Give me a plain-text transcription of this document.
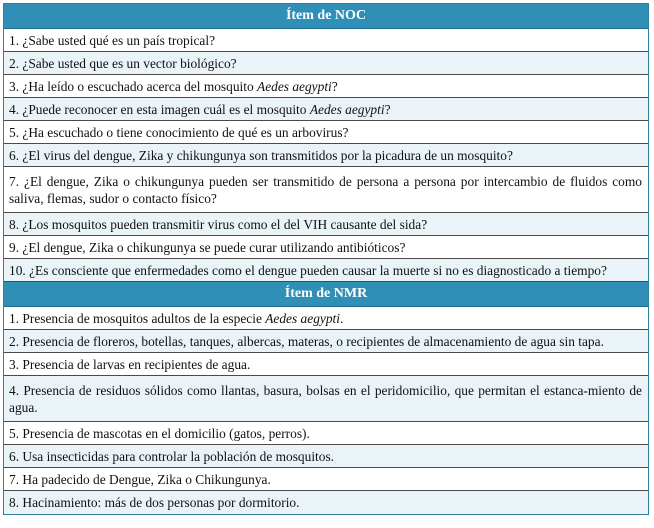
Ítem de NOC
1. ¿Sabe usted qué es un país tropical?
2. ¿Sabe usted que es un vector biológico?
3. ¿Ha leído o escuchado acerca del mosquito Aedes aegypti?
4. ¿Puede reconocer en esta imagen cuál es el mosquito Aedes aegypti?
5. ¿Ha escuchado o tiene conocimiento de qué es un arbovirus?
6. ¿El virus del dengue, Zika y chikungunya son transmitidos por la picadura de un mosquito?
7. ¿El dengue, Zika o chikungunya pueden ser transmitido de persona a persona por intercambio de fluidos como saliva, flemas, sudor o contacto físico?
8. ¿Los mosquitos pueden transmitir virus como el del VIH causante del sida?
9. ¿El dengue, Zika o chikungunya se puede curar utilizando antibióticos?
10. ¿Es consciente que enfermedades como el dengue pueden causar la muerte si no es diagnosticado a tiempo?
Ítem de NMR
1. Presencia de mosquitos adultos de la especie Aedes aegypti.
2. Presencia de floreros, botellas, tanques, albercas, materas, o recipientes de almacenamiento de agua sin tapa.
3. Presencia de larvas en recipientes de agua.
4. Presencia de residuos sólidos como llantas, basura, bolsas en el peridomicilio, que permitan el estanca-miento de agua.
5. Presencia de mascotas en el domicilio (gatos, perros).
6. Usa insecticidas para controlar la población de mosquitos.
7. Ha padecido de Dengue, Zika o Chikungunya.
8. Hacinamiento: más de dos personas por dormitorio.
